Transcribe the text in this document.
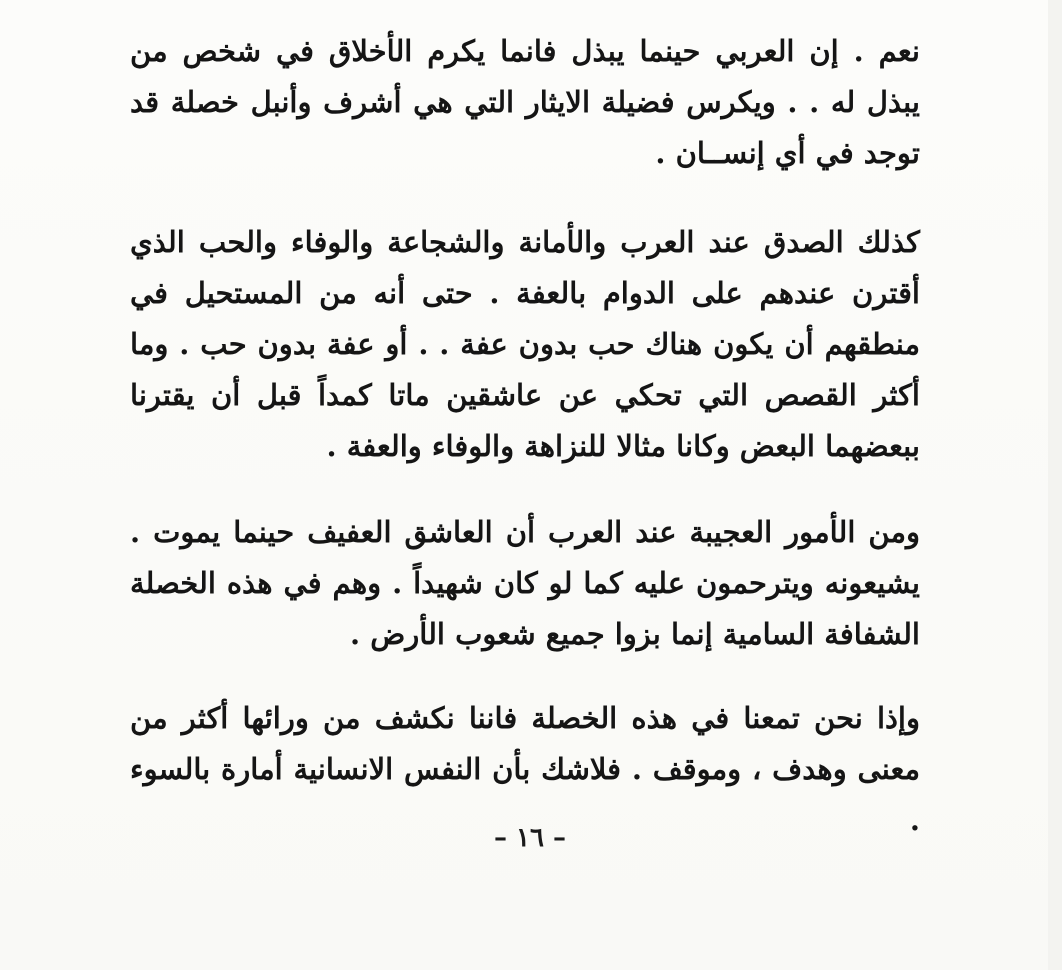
نعم . إن العربي حينما يبذل فانما يكرم الأخلاق في شخص من يبذل له . . ويكرس فضيلة الايثار التي هي أشرف وأنبل خصلة قد توجد في أي إنســان .

كذلك الصدق عند العرب والأمانة والشجاعة والوفاء والحب الذي أقترن عندهم على الدوام بالعفة . حتى أنه من المستحيل في منطقهم أن يكون هناك حب بدون عفة . . أو عفة بدون حب . وما أكثر القصص التي تحكي عن عاشقين ماتا كمداً قبل أن يقترنا ببعضهما البعض وكانا مثالا للنزاهة والوفاء والعفة .

ومن الأمور العجيبة عند العرب أن العاشق العفيف حينما يموت . يشيعونه ويترحمون عليه كما لو كان شهيداً . وهم في هذه الخصلة الشفافة السامية إنما بزوا جميع شعوب الأرض .

وإذا نحن تمعنا في هذه الخصلة فاننا نكشف من ورائها أكثر من معنى وهدف ، وموقف . فلاشك بأن النفس الانسانية أمارة بالسوء .

– ١٦ –
